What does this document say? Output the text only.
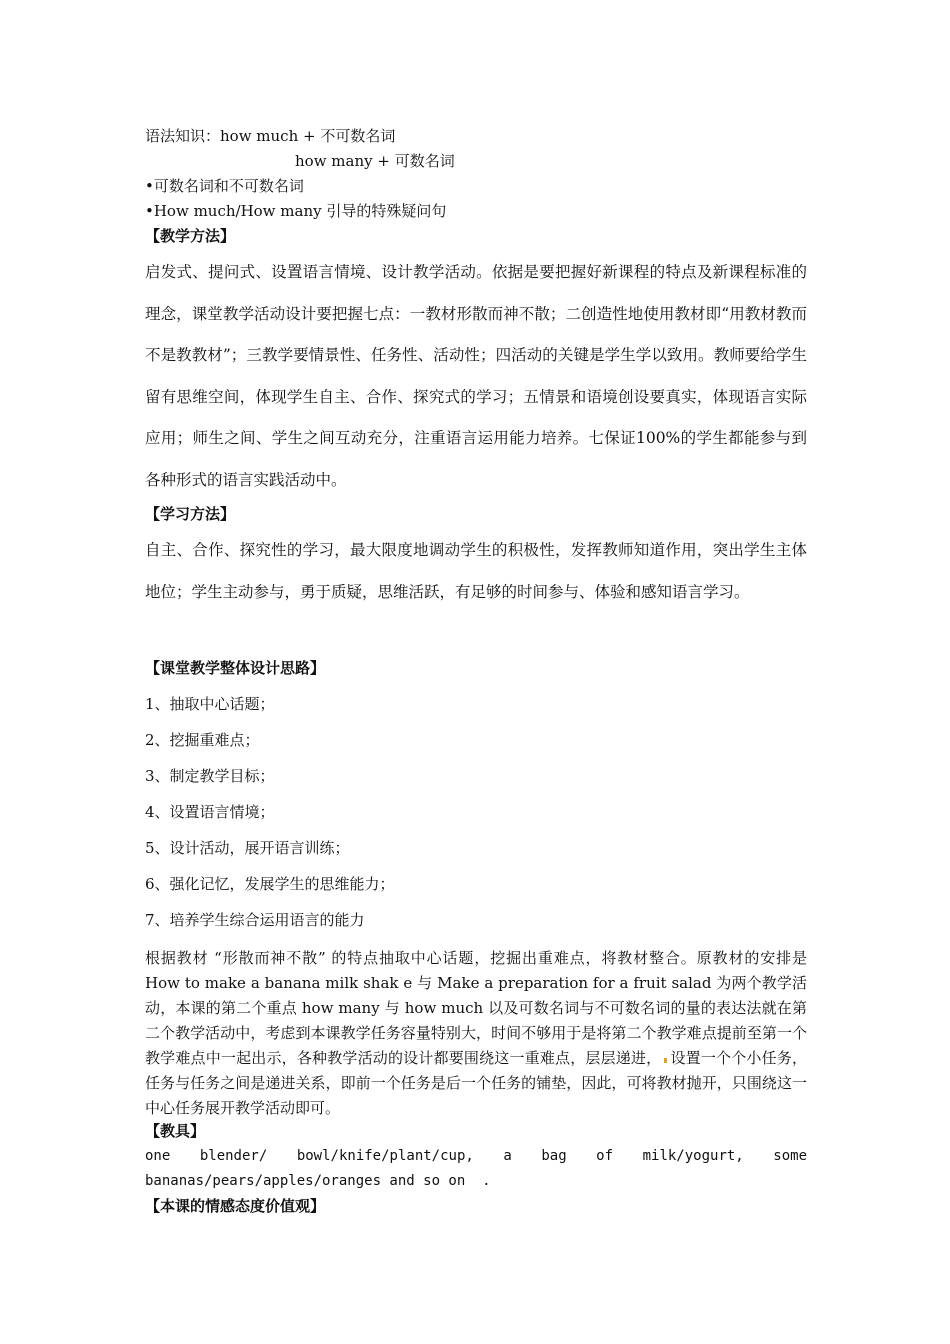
语法知识：how much + 不可数名词
how many + 可数名词
•可数名词和不可数名词
•How much/How many 引导的特殊疑问句
【教学方法】
启发式、提问式、设置语言情境、设计教学活动。依据是要把握好新课程的特点及新课程标准的理念，课堂教学活动设计要把握七点：一教材形散而神不散；二创造性地使用教材即“用教材教而不是教教材”；三教学要情景性、任务性、活动性；四活动的关键是学生学以致用。教师要给学生留有思维空间，体现学生自主、合作、探究式的学习；五情景和语境创设要真实，体现语言实际应用；师生之间、学生之间互动充分，注重语言运用能力培养。七保证100%的学生都能参与到各种形式的语言实践活动中。
【学习方法】
自主、合作、探究性的学习，最大限度地调动学生的积极性，发挥教师知道作用，突出学生主体地位；学生主动参与，勇于质疑，思维活跃，有足够的时间参与、体验和感知语言学习。
【课堂教学整体设计思路】
1、抽取中心话题；
2、挖掘重难点；
3、制定教学目标；
4、设置语言情境；
5、设计活动，展开语言训练；
6、强化记忆，发展学生的思维能力；
7、培养学生综合运用语言的能力
根据教材 “形散而神不散” 的特点抽取中心话题，挖掘出重难点，将教材整合。原教材的安排是 How to make a banana milk shak e 与 Make a preparation for a fruit salad 为两个教学活动，本课的第二个重点 how many 与 how much 以及可数名词与不可数名词的量的表达法就在第二个教学活动中，考虑到本课教学任务容量特别大，时间不够用于是将第二个教学难点提前至第一个教学难点中一起出示，各种教学活动的设计都要围绕这一重难点，层层递进， 设置一个个小任务，任务与任务之间是递进关系，即前一个任务是后一个任务的铺垫，因此，可将教材抛开，只围绕这一中心任务展开教学活动即可。
【教具】
one   blender/   bowl/knife/plant/cup,   a   bag   of   milk/yogurt,   some
bananas/pears/apples/oranges and so on  .
【本课的情感态度价值观】
